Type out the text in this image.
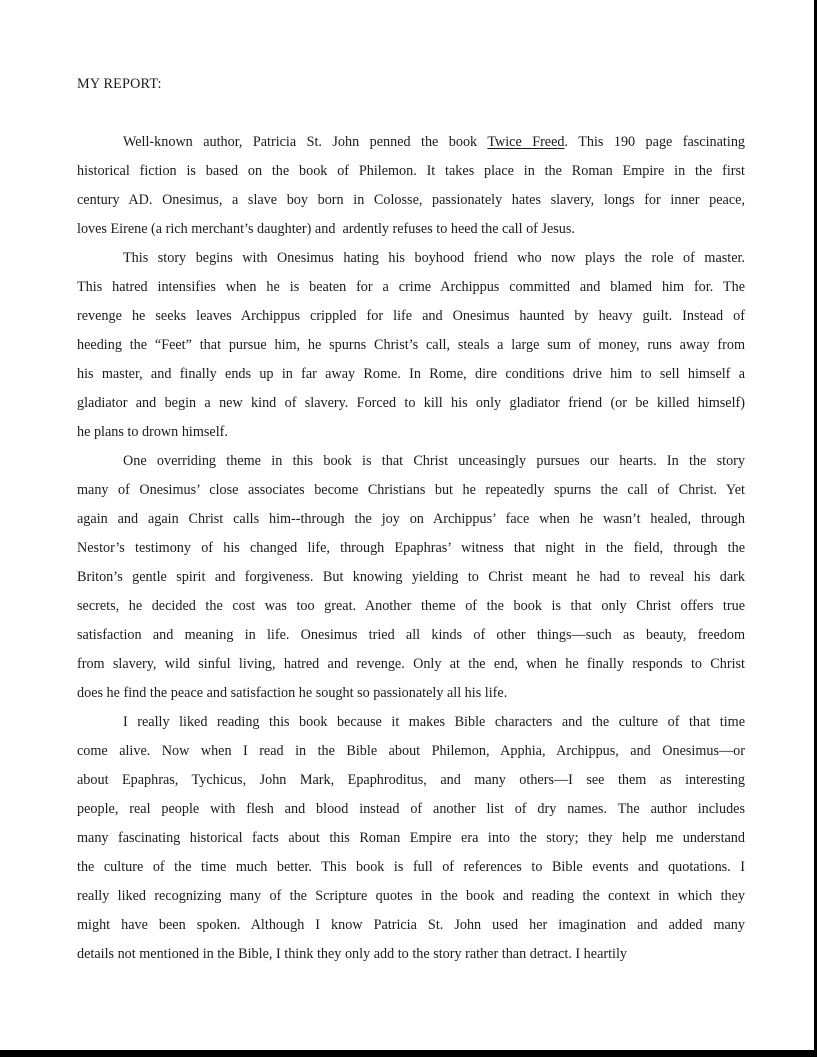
MY REPORT:
Well-known author, Patricia St. John penned the book Twice Freed. This 190 page fascinating
historical fiction is based on the book of Philemon. It takes place in the Roman Empire in the first
century AD. Onesimus, a slave boy born in Colosse, passionately hates slavery, longs for inner peace,
loves Eirene (a rich merchant’s daughter) and  ardently refuses to heed the call of Jesus.
This story begins with Onesimus hating his boyhood friend who now plays the role of master.
This hatred intensifies when he is beaten for a crime Archippus committed and blamed him for. The
revenge he seeks leaves Archippus crippled for life and Onesimus haunted by heavy guilt. Instead of
heeding the “Feet” that pursue him, he spurns Christ’s call, steals a large sum of money, runs away from
his master, and finally ends up in far away Rome. In Rome, dire conditions drive him to sell himself a
gladiator and begin a new kind of slavery. Forced to kill his only gladiator friend (or be killed himself)
he plans to drown himself.
One overriding theme in this book is that Christ unceasingly pursues our hearts. In the story
many of Onesimus’ close associates become Christians but he repeatedly spurns the call of Christ. Yet
again and again Christ calls him--through the joy on Archippus’ face when he wasn’t healed, through
Nestor’s testimony of his changed life, through Epaphras’ witness that night in the field, through the
Briton’s gentle spirit and forgiveness. But knowing yielding to Christ meant he had to reveal his dark
secrets, he decided the cost was too great. Another theme of the book is that only Christ offers true
satisfaction and meaning in life. Onesimus tried all kinds of other things—such as beauty, freedom
from slavery, wild sinful living, hatred and revenge. Only at the end, when he finally responds to Christ
does he find the peace and satisfaction he sought so passionately all his life.
I really liked reading this book because it makes Bible characters and the culture of that time
come alive. Now when I read in the Bible about Philemon, Apphia, Archippus, and Onesimus—or
about Epaphras, Tychicus, John Mark, Epaphroditus, and many others—I see them as interesting
people, real people with flesh and blood instead of another list of dry names. The author includes
many fascinating historical facts about this Roman Empire era into the story; they help me understand
the culture of the time much better. This book is full of references to Bible events and quotations. I
really liked recognizing many of the Scripture quotes in the book and reading the context in which they
might have been spoken. Although I know Patricia St. John used her imagination and added many
details not mentioned in the Bible, I think they only add to the story rather than detract. I heartily
